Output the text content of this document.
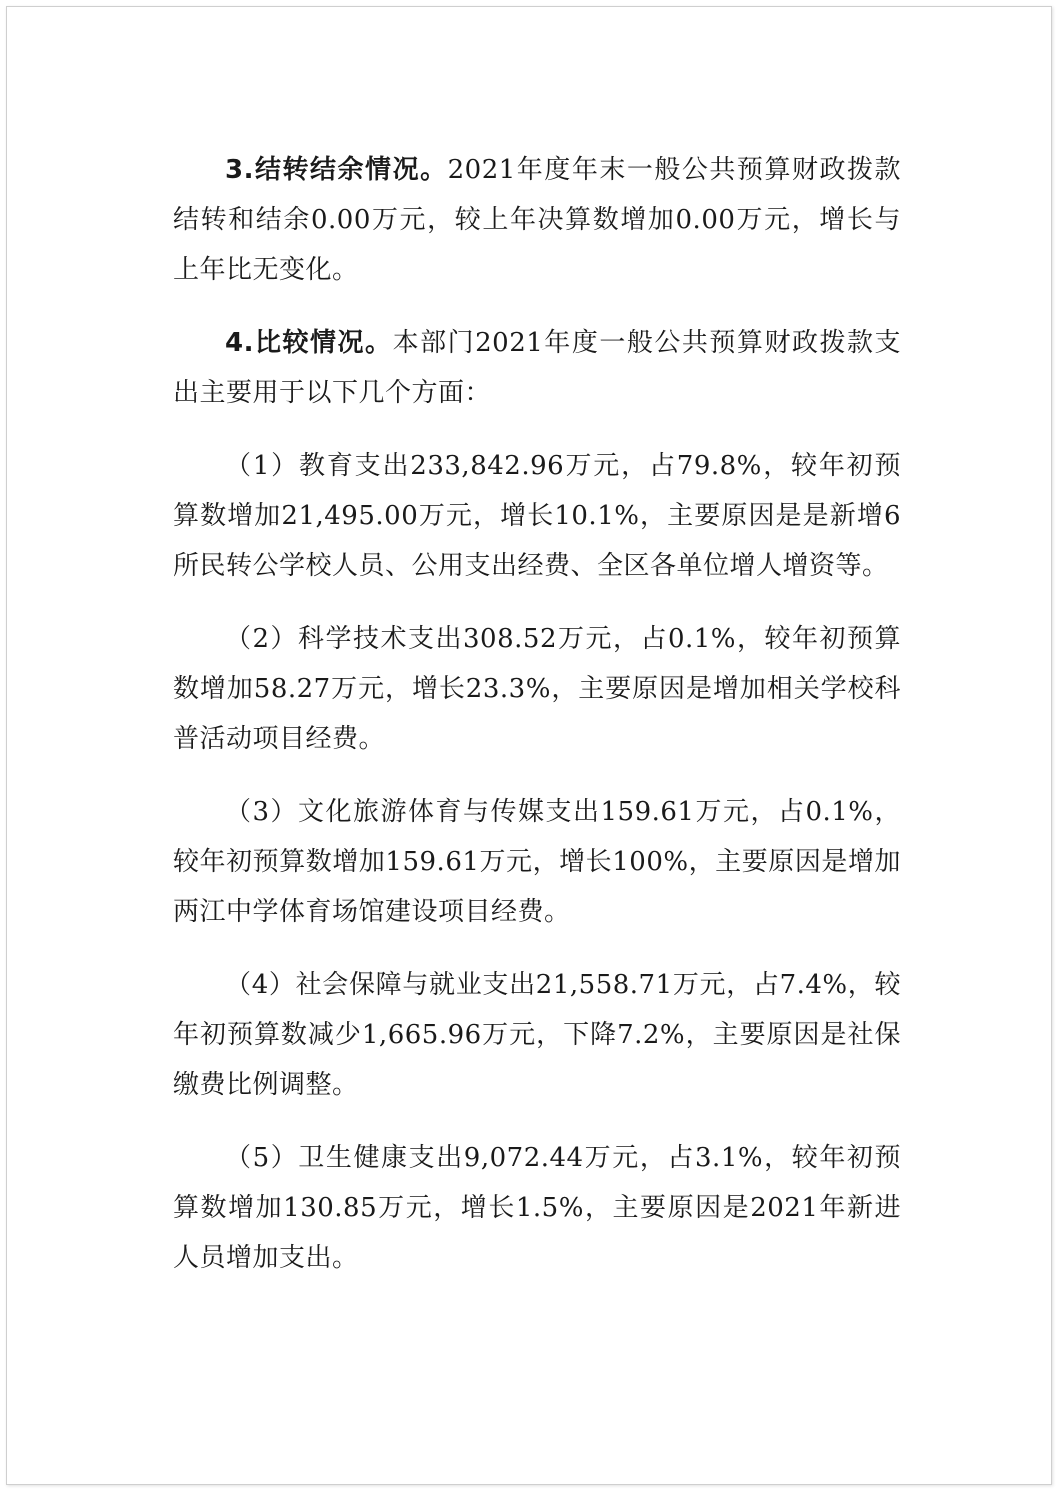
3.结转结余情况。2021年度年末一般公共预算财政拨款结转和结余0.00万元，较上年决算数增加0.00万元，增长与上年比无变化。

4.比较情况。本部门2021年度一般公共预算财政拨款支出主要用于以下几个方面：

（1）教育支出233,842.96万元，占79.8%，较年初预算数增加21,495.00万元，增长10.1%，主要原因是是新增6所民转公学校人员、公用支出经费、全区各单位增人增资等。

（2）科学技术支出308.52万元，占0.1%，较年初预算数增加58.27万元，增长23.3%，主要原因是增加相关学校科普活动项目经费。

（3）文化旅游体育与传媒支出159.61万元，占0.1%，较年初预算数增加159.61万元，增长100%，主要原因是增加两江中学体育场馆建设项目经费。

（4）社会保障与就业支出21,558.71万元，占7.4%，较年初预算数减少1,665.96万元，下降7.2%，主要原因是社保缴费比例调整。

（5）卫生健康支出9,072.44万元，占3.1%，较年初预算数增加130.85万元，增长1.5%，主要原因是2021年新进人员增加支出。
